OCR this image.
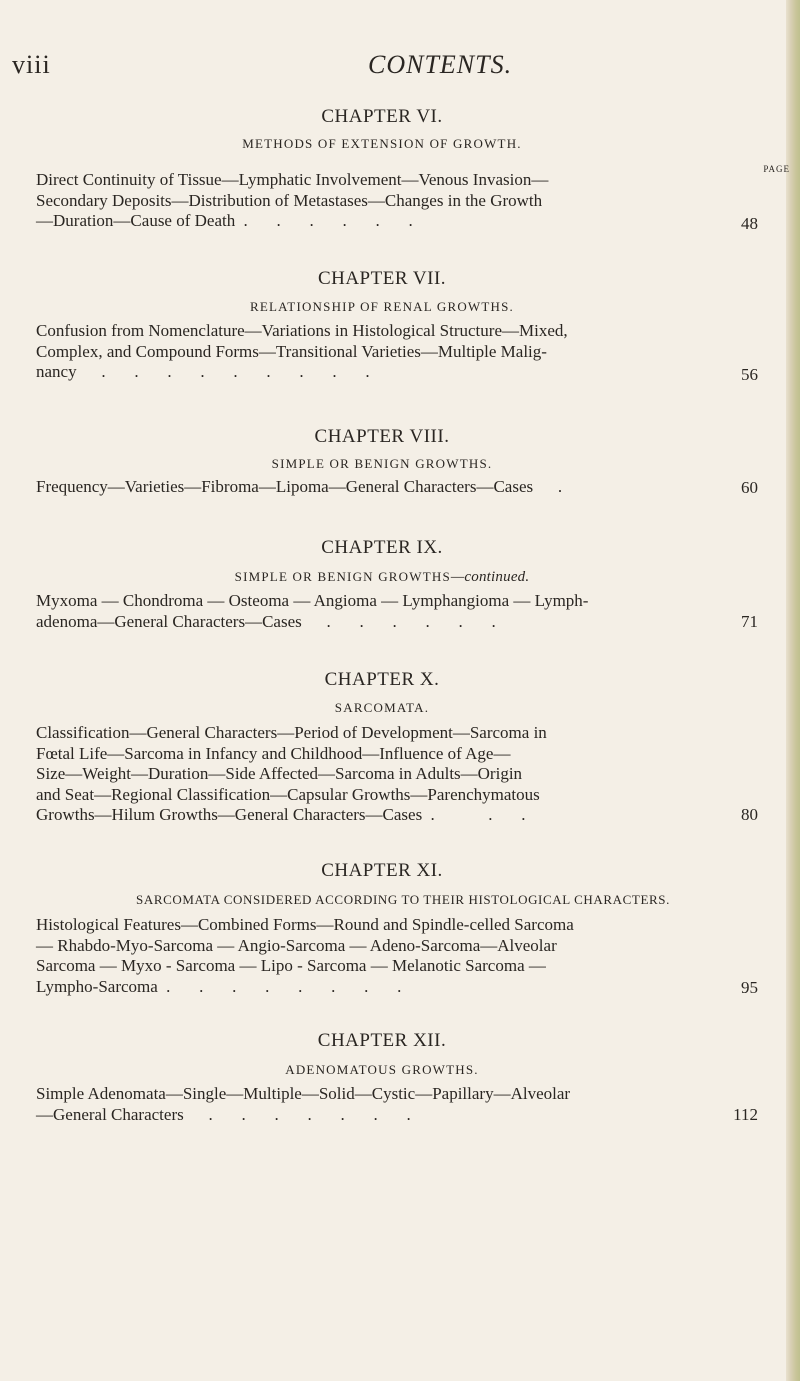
viii	CONTENTS.
CHAPTER VI.
METHODS OF EXTENSION OF GROWTH.
PAGE
Direct Continuity of Tissue—Lymphatic Involvement—Venous Invasion—
Secondary Deposits—Distribution of Metastases—Changes in the Growth
—Duration—Cause of Death .   .   .   .   .   .	48
CHAPTER VII.
RELATIONSHIP OF RENAL GROWTHS.
Confusion from Nomenclature—Variations in Histological Structure—Mixed,
Complex, and Compound Forms—Transitional Varieties—Multiple Malig-
nancy   .   .   .   .   .   .   .   .   .	56
CHAPTER VIII.
SIMPLE OR BENIGN GROWTHS.
Frequency—Varieties—Fibroma—Lipoma—General Characters—Cases   .	60
CHAPTER IX.
SIMPLE OR BENIGN GROWTHS—continued.
Myxoma — Chondroma — Osteoma — Angioma — Lymphangioma — Lymph-
adenoma—General Characters—Cases   .   .   .   .   .   .	71
CHAPTER X.
SARCOMATA.
Classification—General Characters—Period of Development—Sarcoma in
Fœtal Life—Sarcoma in Infancy and Childhood—Influence of Age—
Size—Weight—Duration—Side Affected—Sarcoma in Adults—Origin
and Seat—Regional Classification—Capsular Growths—Parenchymatous
Growths—Hilum Growths—General Characters—Cases .      .   .	80
CHAPTER XI.
SARCOMATA CONSIDERED ACCORDING TO THEIR HISTOLOGICAL CHARACTERS.
Histological Features—Combined Forms—Round and Spindle-celled Sarcoma
— Rhabdo-Myo-Sarcoma — Angio-Sarcoma — Adeno-Sarcoma—Alveolar
Sarcoma — Myxo - Sarcoma — Lipo - Sarcoma — Melanotic Sarcoma —
Lympho-Sarcoma .   .   .   .   .   .   .   .	95
CHAPTER XII.
ADENOMATOUS GROWTHS.
Simple Adenomata—Single—Multiple—Solid—Cystic—Papillary—Alveolar
—General Characters   .   .   .   .   .   .   .	112
